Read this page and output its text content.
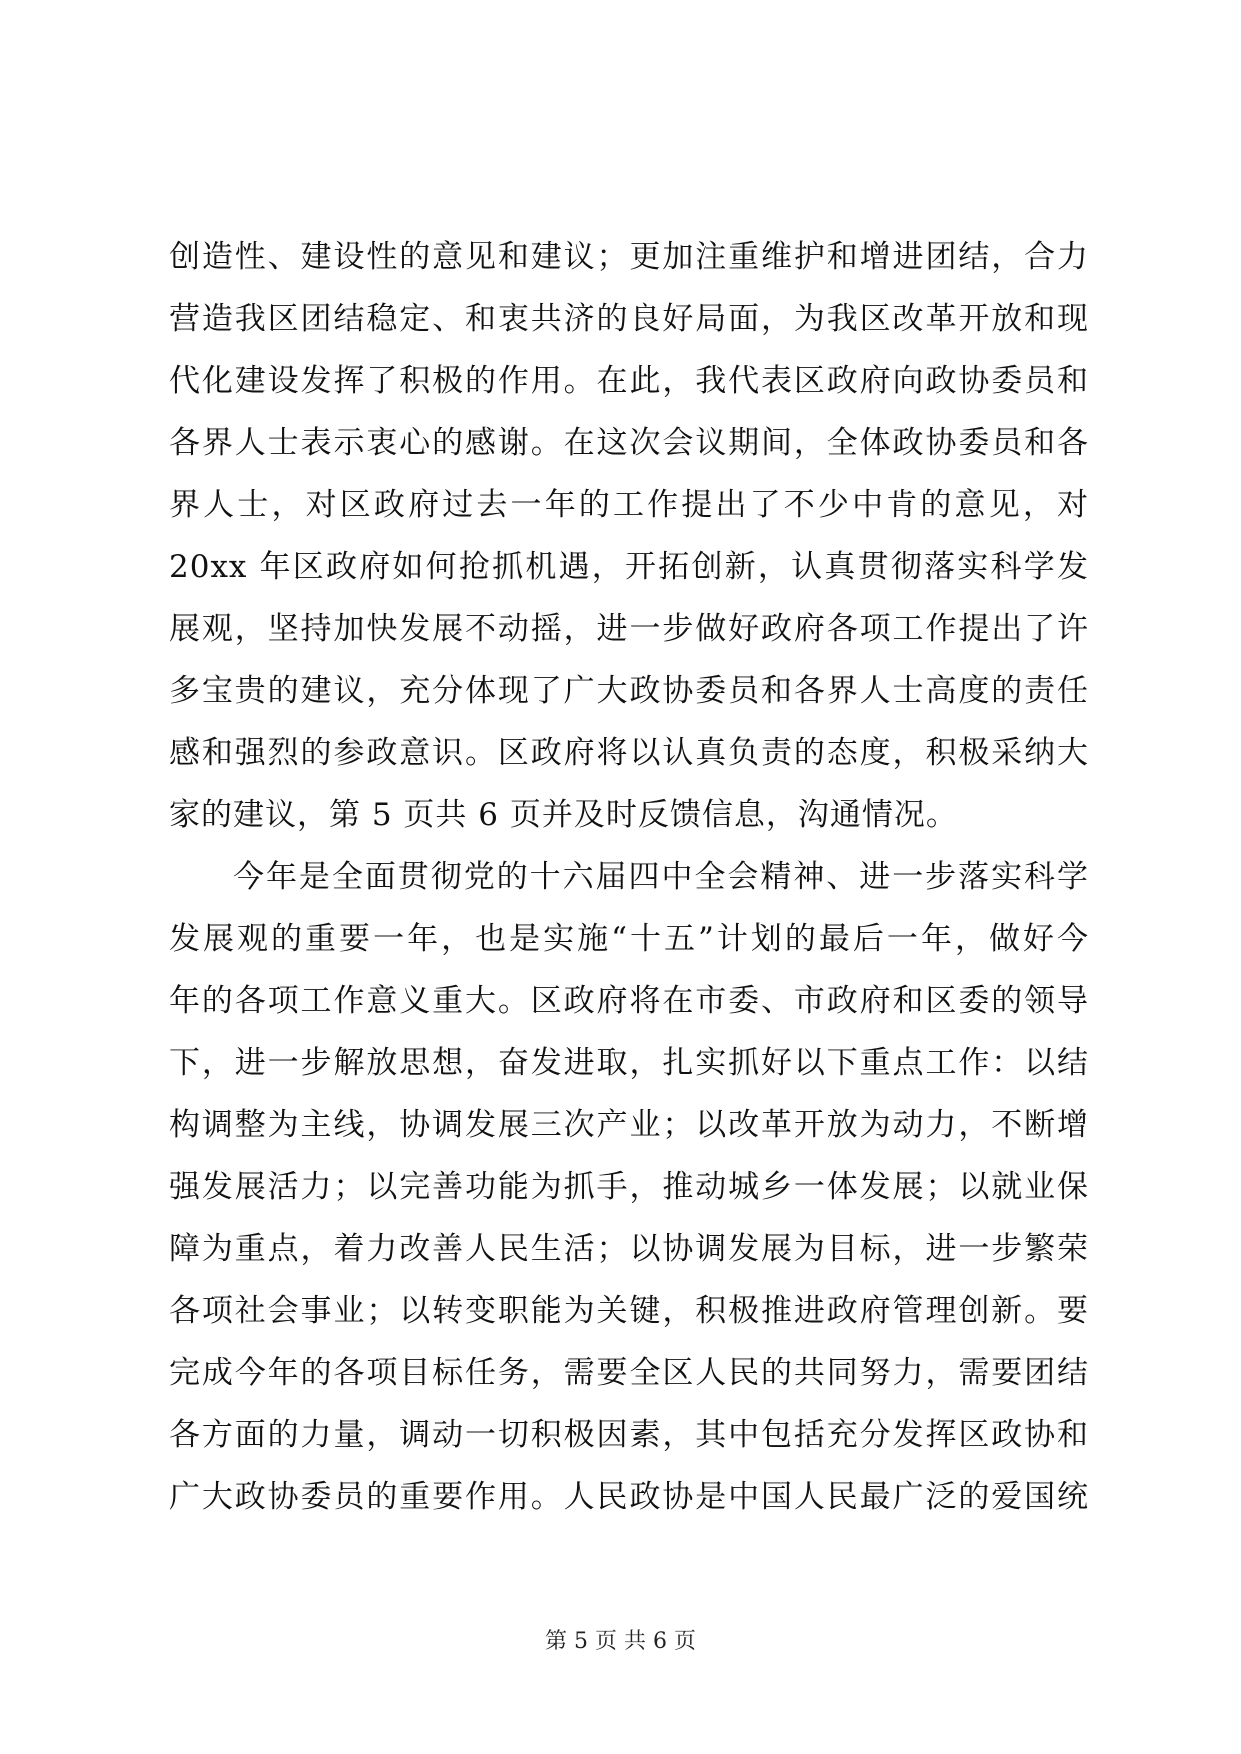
创造性、建设性的意见和建议；更加注重维护和增进团结，合力
营造我区团结稳定、和衷共济的良好局面，为我区改革开放和现
代化建设发挥了积极的作用。在此，我代表区政府向政协委员和
各界人士表示衷心的感谢。在这次会议期间，全体政协委员和各
界人士，对区政府过去一年的工作提出了不少中肯的意见，对
20xx 年区政府如何抢抓机遇，开拓创新，认真贯彻落实科学发
展观，坚持加快发展不动摇，进一步做好政府各项工作提出了许
多宝贵的建议，充分体现了广大政协委员和各界人士高度的责任
感和强烈的参政意识。区政府将以认真负责的态度，积极采纳大
家的建议，第 5 页共 6 页并及时反馈信息，沟通情况。
今年是全面贯彻党的十六届四中全会精神、进一步落实科学
发展观的重要一年，也是实施“十五”计划的最后一年，做好今
年的各项工作意义重大。区政府将在市委、市政府和区委的领导
下，进一步解放思想，奋发进取，扎实抓好以下重点工作：以结
构调整为主线，协调发展三次产业；以改革开放为动力，不断增
强发展活力；以完善功能为抓手，推动城乡一体发展；以就业保
障为重点，着力改善人民生活；以协调发展为目标，进一步繁荣
各项社会事业；以转变职能为关键，积极推进政府管理创新。要
完成今年的各项目标任务，需要全区人民的共同努力，需要团结
各方面的力量，调动一切积极因素，其中包括充分发挥区政协和
广大政协委员的重要作用。人民政协是中国人民最广泛的爱国统
第 5 页 共 6 页
